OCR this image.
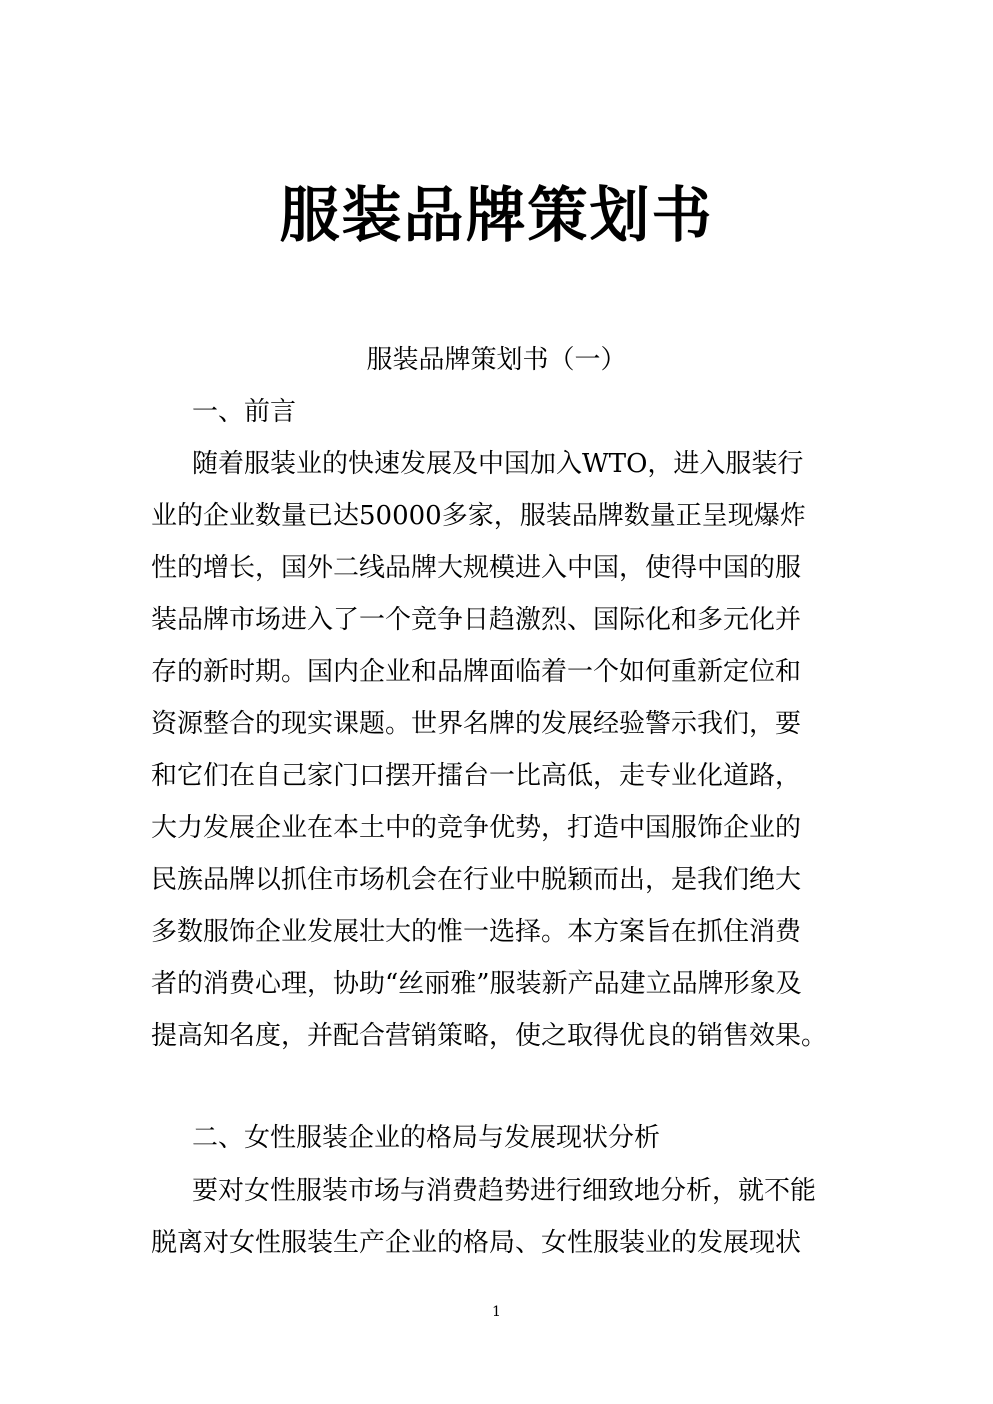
服装品牌策划书
服装品牌策划书（一）
一、前言
随着服装业的快速发展及中国加入WTO，进入服装行
业的企业数量已达50000多家，服装品牌数量正呈现爆炸
性的增长，国外二线品牌大规模进入中国，使得中国的服
装品牌市场进入了一个竞争日趋激烈、国际化和多元化并
存的新时期。国内企业和品牌面临着一个如何重新定位和
资源整合的现实课题。世界名牌的发展经验警示我们，要
和它们在自己家门口摆开擂台一比高低，走专业化道路，
大力发展企业在本土中的竞争优势，打造中国服饰企业的
民族品牌以抓住市场机会在行业中脱颖而出，是我们绝大
多数服饰企业发展壮大的惟一选择。本方案旨在抓住消费
者的消费心理，协助“丝丽雅”服装新产品建立品牌形象及
提高知名度，并配合营销策略，使之取得优良的销售效果。
二、女性服装企业的格局与发展现状分析
要对女性服装市场与消费趋势进行细致地分析，就不能
脱离对女性服装生产企业的格局、女性服装业的发展现状
1
